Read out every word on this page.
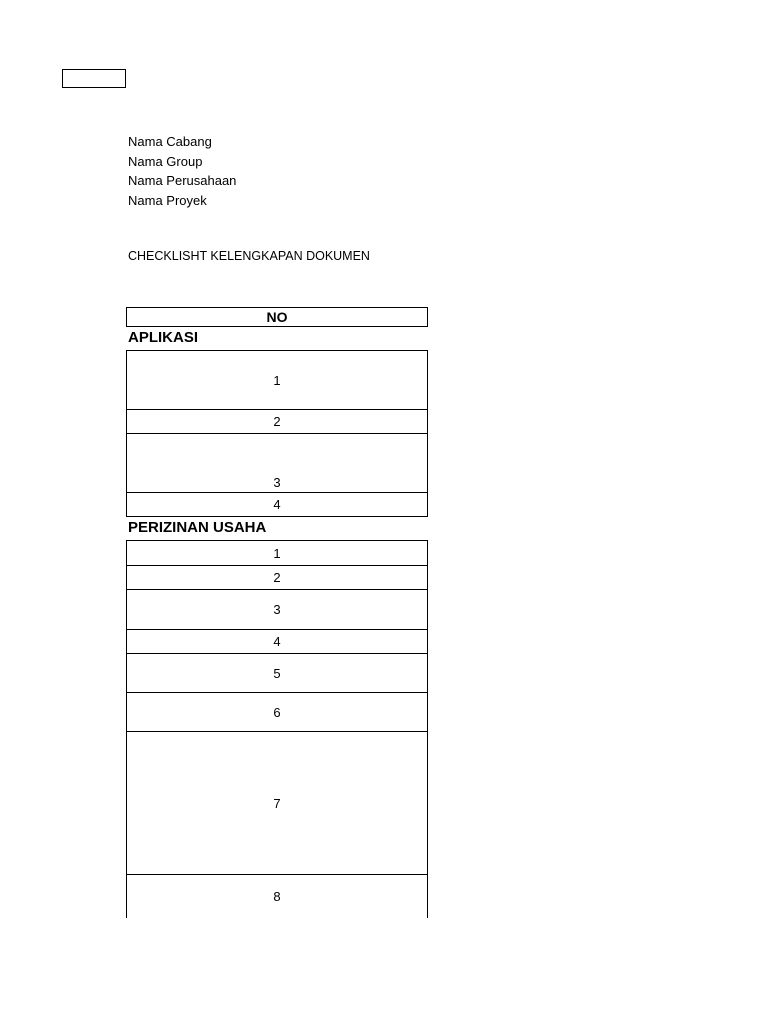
Nama Cabang
Nama Group
Nama Perusahaan
Nama Proyek
CHECKLISHT KELENGKAPAN DOKUMEN
NO
APLIKASI
1
2
3
4
PERIZINAN USAHA
1
2
3
4
5
6
7
8
